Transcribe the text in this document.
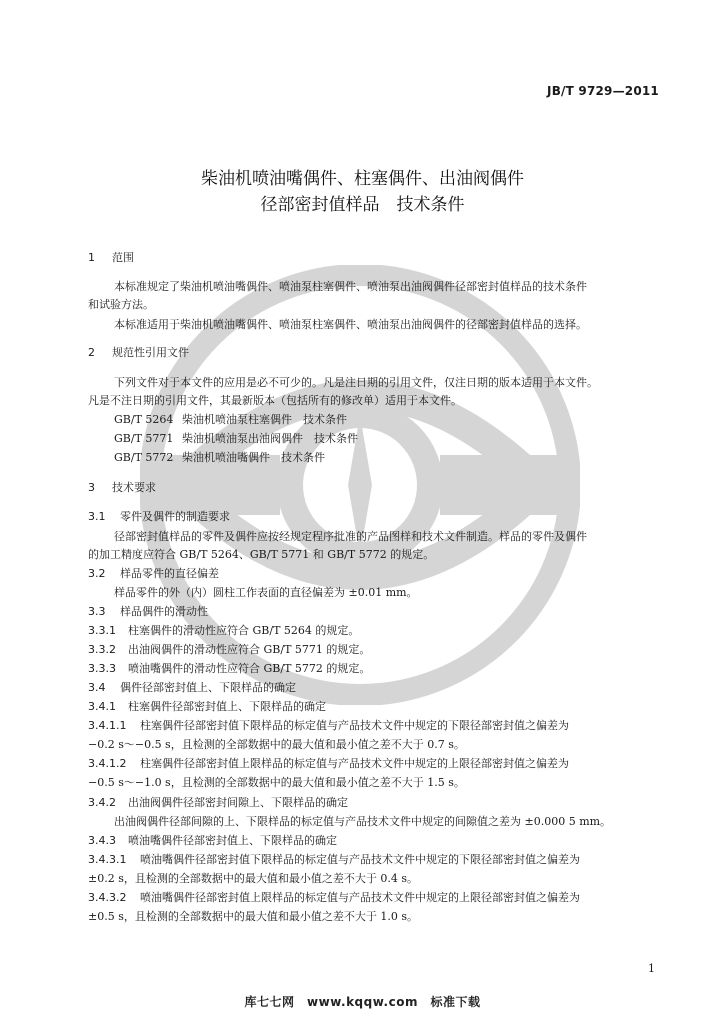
JB/T 9729—2011
柴油机喷油嘴偶件、柱塞偶件、出油阀偶件
径部密封值样品　技术条件
1 范围
本标准规定了柴油机喷油嘴偶件、喷油泵柱塞偶件、喷油泵出油阀偶件径部密封值样品的技术条件
和试验方法。
本标准适用于柴油机喷油嘴偶件、喷油泵柱塞偶件、喷油泵出油阀偶件的径部密封值样品的选择。
2 规范性引用文件
下列文件对于本文件的应用是必不可少的。凡是注日期的引用文件，仅注日期的版本适用于本文件。
凡是不注日期的引用文件，其最新版本（包括所有的修改单）适用于本文件。
GB/T 5264 柴油机喷油泵柱塞偶件　技术条件
GB/T 5771 柴油机喷油泵出油阀偶件　技术条件
GB/T 5772 柴油机喷油嘴偶件　技术条件
3 技术要求
3.1 零件及偶件的制造要求
径部密封值样品的零件及偶件应按经规定程序批准的产品图样和技术文件制造。样品的零件及偶件
的加工精度应符合 GB/T 5264、GB/T 5771 和 GB/T 5772 的规定。
3.2 样品零件的直径偏差
样品零件的外（内）圆柱工作表面的直径偏差为 ±0.01 mm。
3.3 样品偶件的滑动性
3.3.1 柱塞偶件的滑动性应符合 GB/T 5264 的规定。
3.3.2 出油阀偶件的滑动性应符合 GB/T 5771 的规定。
3.3.3 喷油嘴偶件的滑动性应符合 GB/T 5772 的规定。
3.4 偶件径部密封值上、下限样品的确定
3.4.1 柱塞偶件径部密封值上、下限样品的确定
3.4.1.1 柱塞偶件径部密封值下限样品的标定值与产品技术文件中规定的下限径部密封值之偏差为
−0.2 s～−0.5 s，且检测的全部数据中的最大值和最小值之差不大于 0.7 s。
3.4.1.2 柱塞偶件径部密封值上限样品的标定值与产品技术文件中规定的上限径部密封值之偏差为
−0.5 s～−1.0 s，且检测的全部数据中的最大值和最小值之差不大于 1.5 s。
3.4.2 出油阀偶件径部密封间隙上、下限样品的确定
出油阀偶件径部间隙的上、下限样品的标定值与产品技术文件中规定的间隙值之差为 ±0.000 5 mm。
3.4.3 喷油嘴偶件径部密封值上、下限样品的确定
3.4.3.1 喷油嘴偶件径部密封值下限样品的标定值与产品技术文件中规定的下限径部密封值之偏差为
±0.2 s，且检测的全部数据中的最大值和最小值之差不大于 0.4 s。
3.4.3.2 喷油嘴偶件径部密封值上限样品的标定值与产品技术文件中规定的上限径部密封值之偏差为
±0.5 s，且检测的全部数据中的最大值和最小值之差不大于 1.0 s。
1
库七七网　www.kqqw.com　标准下载
